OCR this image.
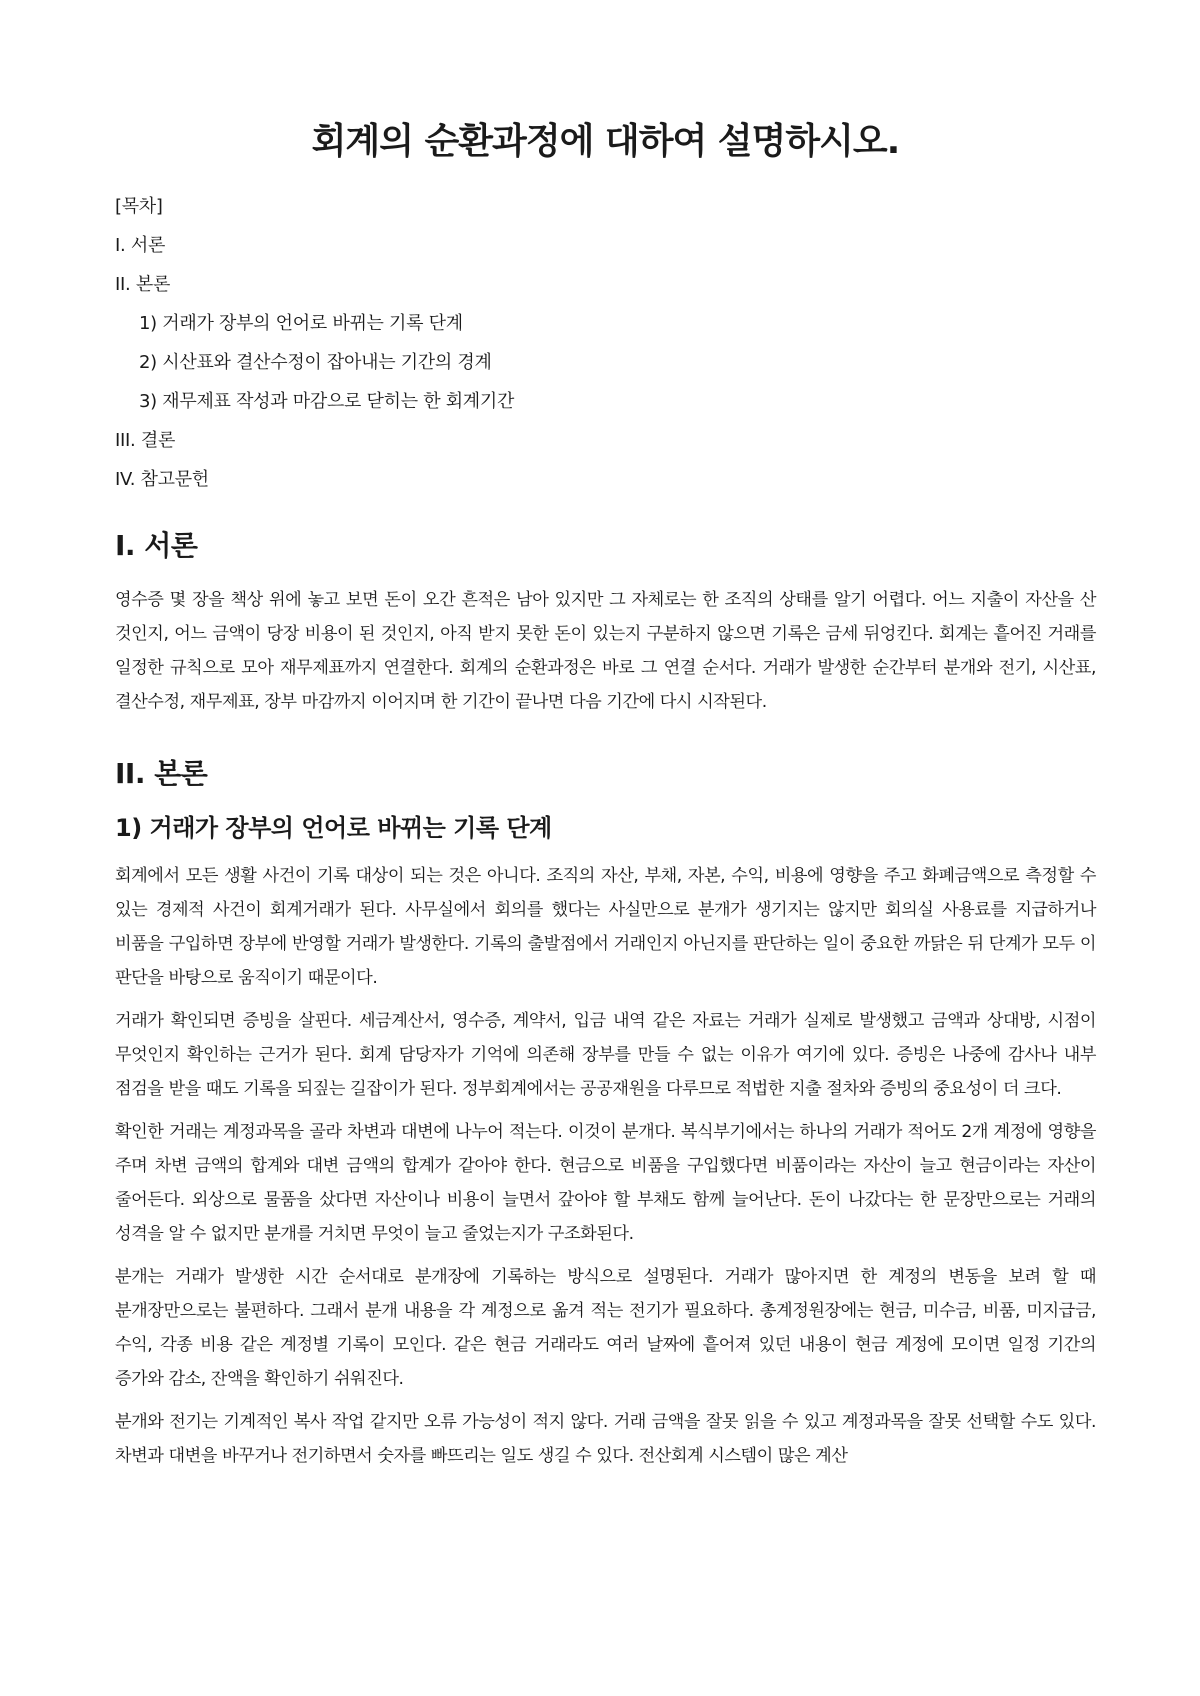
회계의 순환과정에 대하여 설명하시오.
[목차]
I. 서론
II. 본론
1) 거래가 장부의 언어로 바뀌는 기록 단계
2) 시산표와 결산수정이 잡아내는 기간의 경계
3) 재무제표 작성과 마감으로 닫히는 한 회계기간
III. 결론
IV. 참고문헌
I. 서론

영수증 몇 장을 책상 위에 놓고 보면 돈이 오간 흔적은 남아 있지만 그 자체로는 한 조직의 상태를 알기 어렵다. 어느 지출이 자산을 산 것인지, 어느 금액이 당장 비용이 된 것인지, 아직 받지 못한 돈이 있는지 구분하지 않으면 기록은 금세 뒤엉킨다. 회계는 흩어진 거래를 일정한 규칙으로 모아 재무제표까지 연결한다. 회계의 순환과정은 바로 그 연결 순서다. 거래가 발생한 순간부터 분개와 전기, 시산표, 결산수정, 재무제표, 장부 마감까지 이어지며 한 기간이 끝나면 다음 기간에 다시 시작된다.

II. 본론
1) 거래가 장부의 언어로 바뀌는 기록 단계

회계에서 모든 생활 사건이 기록 대상이 되는 것은 아니다. 조직의 자산, 부채, 자본, 수익, 비용에 영향을 주고 화폐금액으로 측정할 수 있는 경제적 사건이 회계거래가 된다. 사무실에서 회의를 했다는 사실만으로 분개가 생기지는 않지만 회의실 사용료를 지급하거나 비품을 구입하면 장부에 반영할 거래가 발생한다. 기록의 출발점에서 거래인지 아닌지를 판단하는 일이 중요한 까닭은 뒤 단계가 모두 이 판단을 바탕으로 움직이기 때문이다.

거래가 확인되면 증빙을 살핀다. 세금계산서, 영수증, 계약서, 입금 내역 같은 자료는 거래가 실제로 발생했고 금액과 상대방, 시점이 무엇인지 확인하는 근거가 된다. 회계 담당자가 기억에 의존해 장부를 만들 수 없는 이유가 여기에 있다. 증빙은 나중에 감사나 내부 점검을 받을 때도 기록을 되짚는 길잡이가 된다. 정부회계에서는 공공재원을 다루므로 적법한 지출 절차와 증빙의 중요성이 더 크다.

확인한 거래는 계정과목을 골라 차변과 대변에 나누어 적는다. 이것이 분개다. 복식부기에서는 하나의 거래가 적어도 2개 계정에 영향을 주며 차변 금액의 합계와 대변 금액의 합계가 같아야 한다. 현금으로 비품을 구입했다면 비품이라는 자산이 늘고 현금이라는 자산이 줄어든다. 외상으로 물품을 샀다면 자산이나 비용이 늘면서 갚아야 할 부채도 함께 늘어난다. 돈이 나갔다는 한 문장만으로는 거래의 성격을 알 수 없지만 분개를 거치면 무엇이 늘고 줄었는지가 구조화된다.

분개는 거래가 발생한 시간 순서대로 분개장에 기록하는 방식으로 설명된다. 거래가 많아지면 한 계정의 변동을 보려 할 때 분개장만으로는 불편하다. 그래서 분개 내용을 각 계정으로 옮겨 적는 전기가 필요하다. 총계정원장에는 현금, 미수금, 비품, 미지급금, 수익, 각종 비용 같은 계정별 기록이 모인다. 같은 현금 거래라도 여러 날짜에 흩어져 있던 내용이 현금 계정에 모이면 일정 기간의 증가와 감소, 잔액을 확인하기 쉬워진다.

분개와 전기는 기계적인 복사 작업 같지만 오류 가능성이 적지 않다. 거래 금액을 잘못 읽을 수 있고 계정과목을 잘못 선택할 수도 있다. 차변과 대변을 바꾸거나 전기하면서 숫자를 빠뜨리는 일도 생길 수 있다. 전산회계 시스템이 많은 계산
